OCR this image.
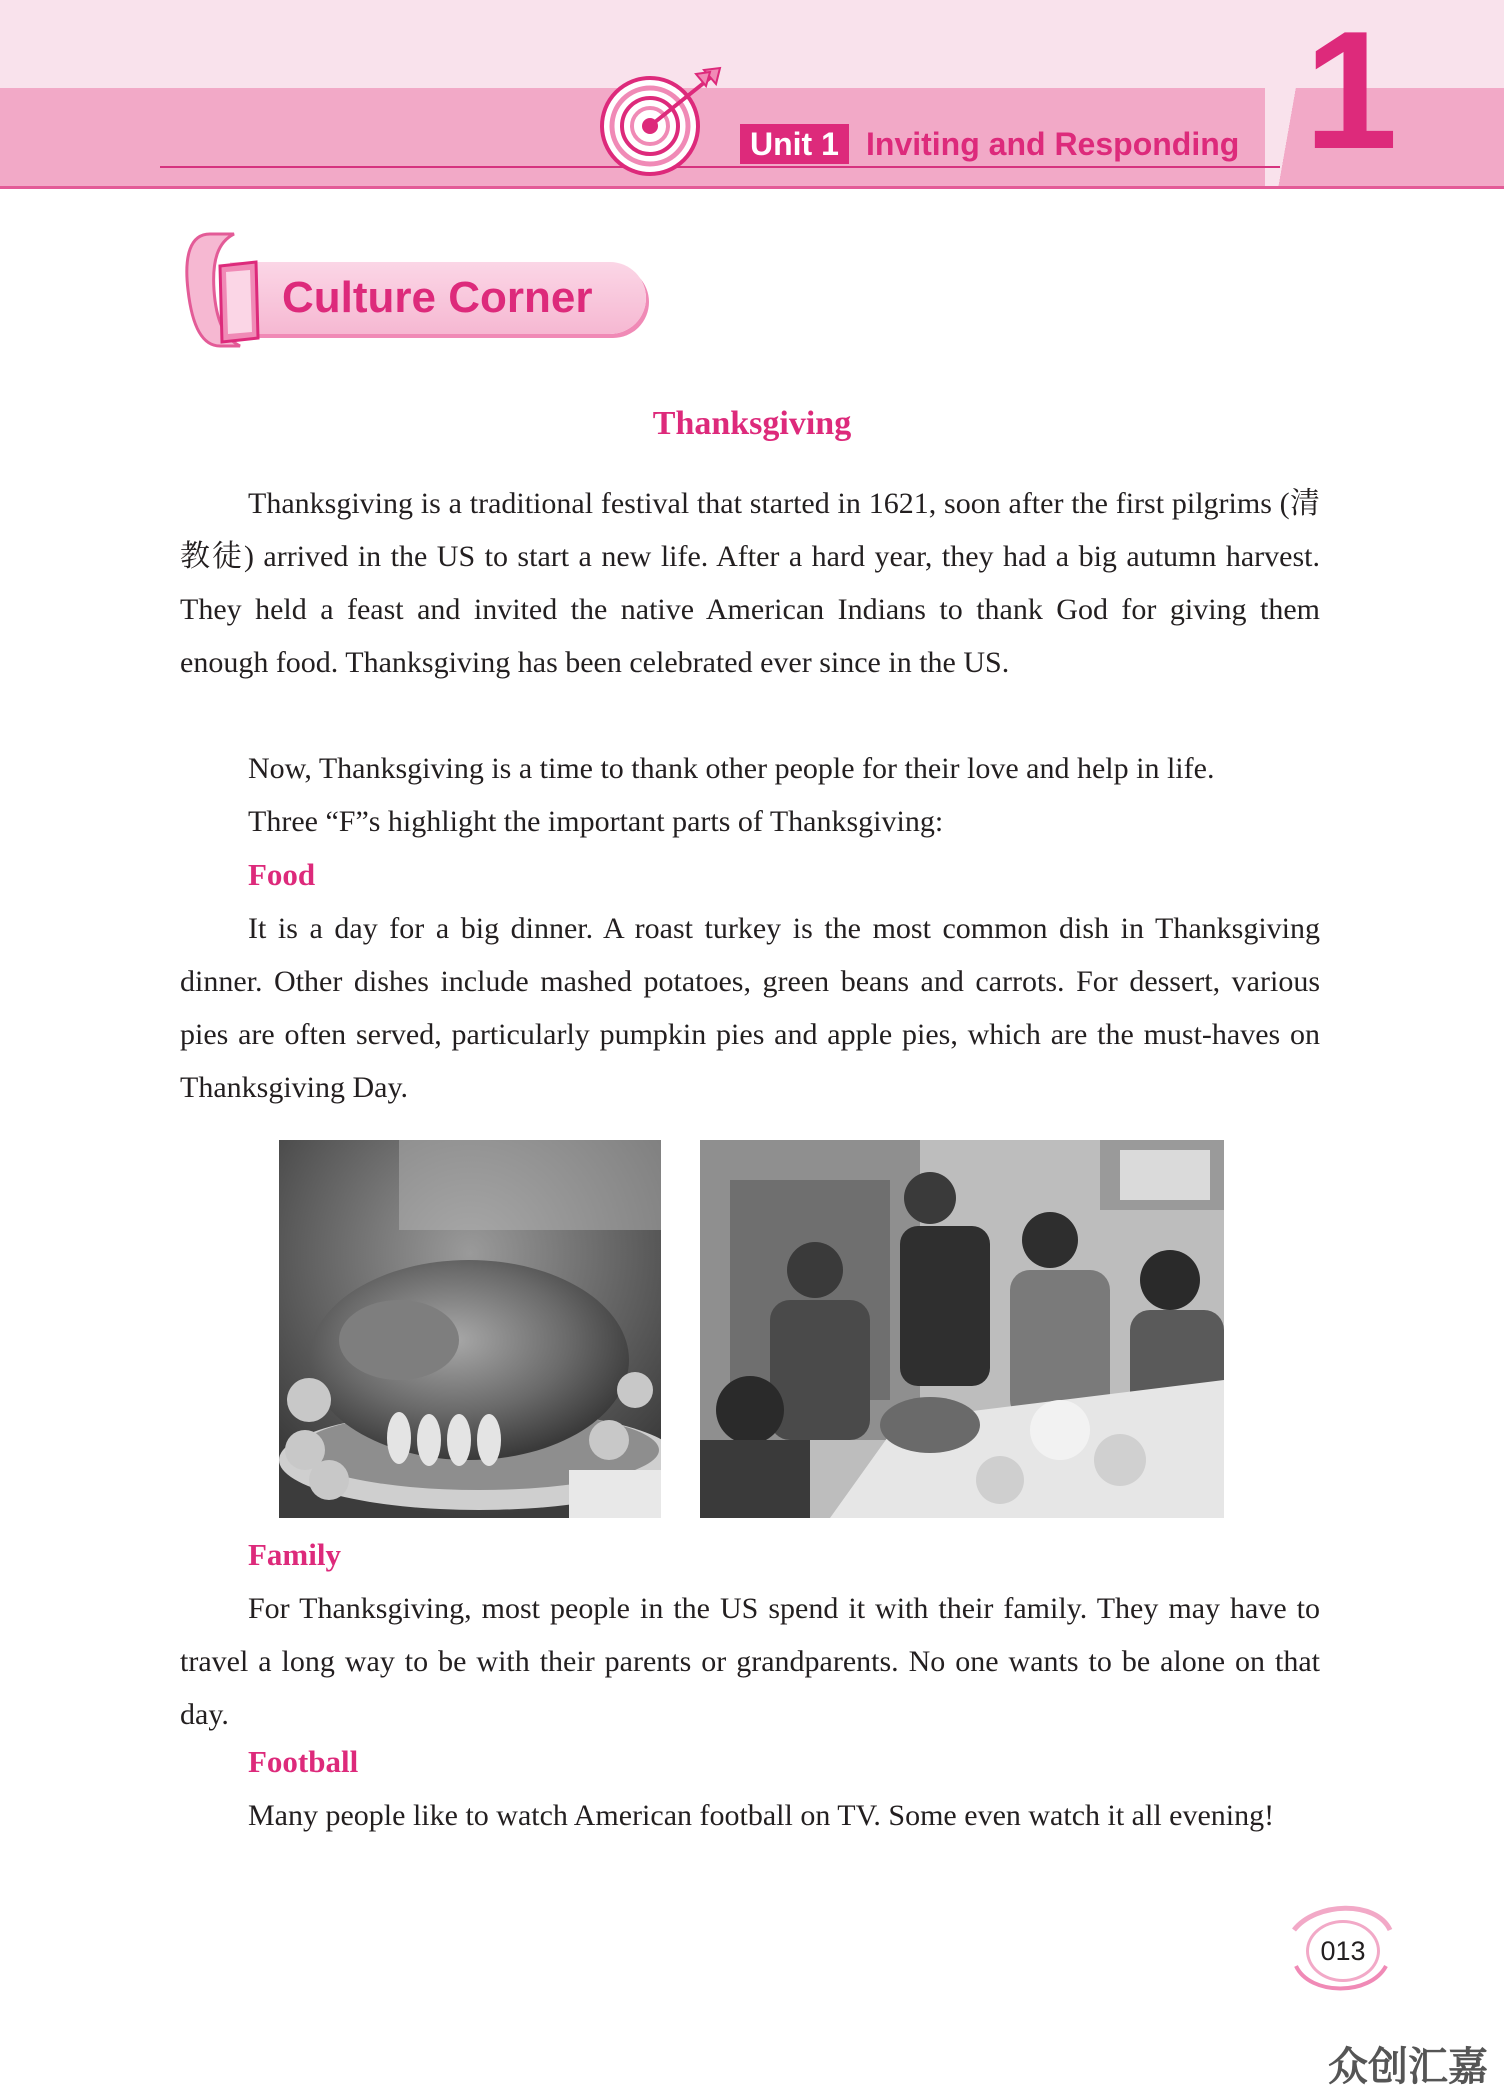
Unit 1 Inviting and Responding 1
Culture Corner
Thanksgiving
Thanksgiving is a traditional festival that started in 1621, soon after the first pilgrims (清教徒) arrived in the US to start a new life. After a hard year, they had a big autumn harvest. They held a feast and invited the native American Indians to thank God for giving them enough food. Thanksgiving has been celebrated ever since in the US.
Now, Thanksgiving is a time to thank other people for their love and help in life.
Three “F”s highlight the important parts of Thanksgiving:
Food
It is a day for a big dinner. A roast turkey is the most common dish in Thanksgiving dinner. Other dishes include mashed potatoes, green beans and carrots. For dessert, various pies are often served, particularly pumpkin pies and apple pies, which are the must-haves on Thanksgiving Day.
Family
For Thanksgiving, most people in the US spend it with their family. They may have to travel a long way to be with their parents or grandparents. No one wants to be alone on that day.
Football
Many people like to watch American football on TV. Some even watch it all evening!
013
众创汇嘉
